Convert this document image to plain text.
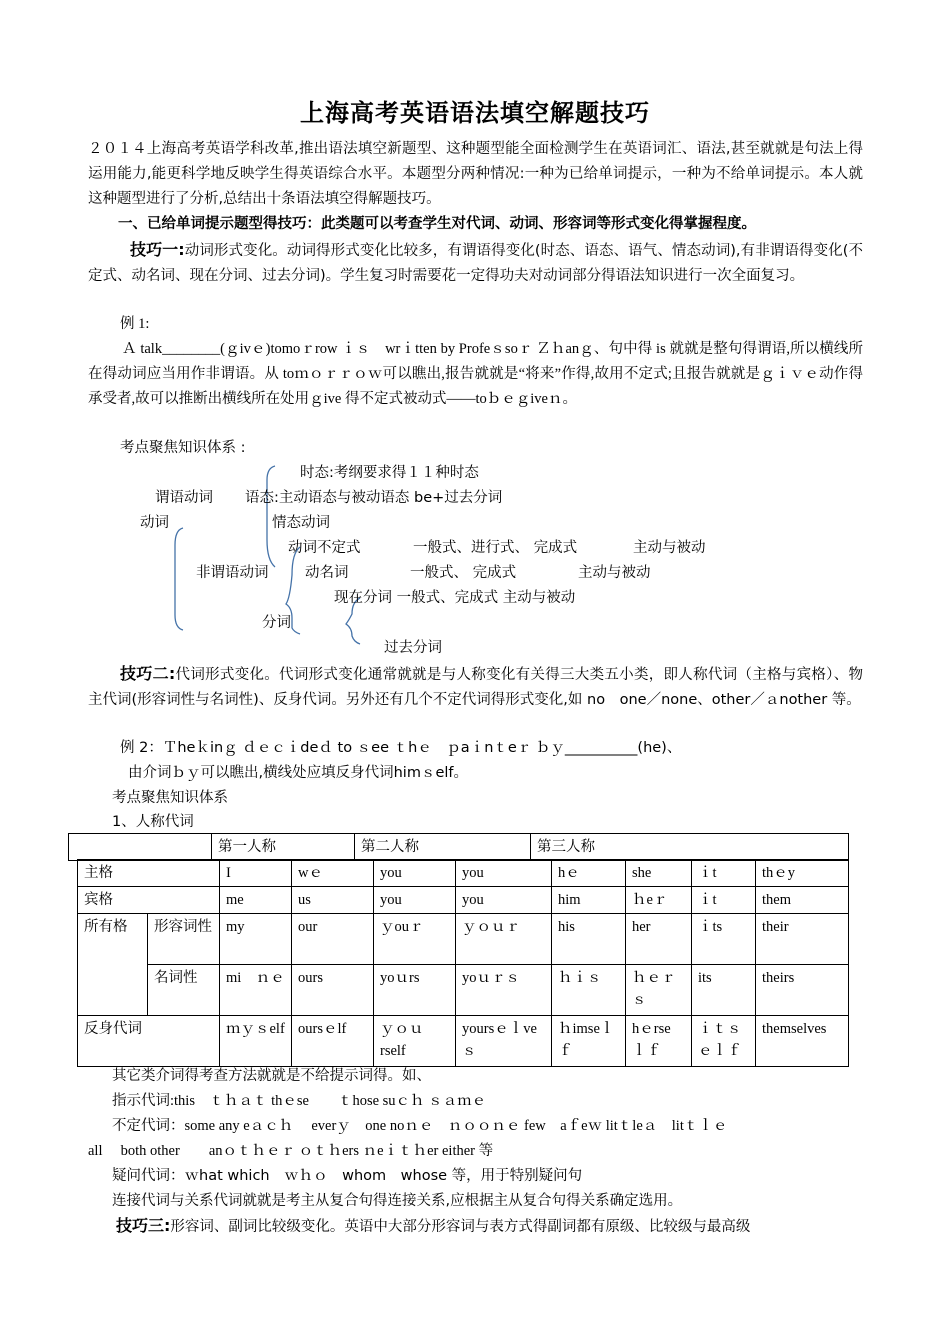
上海高考英语语法填空解题技巧
２０１４上海高考英语学科改革,推出语法填空新题型、这种题型能全面检测学生在英语词汇、语法,甚至就就是句法上得运用能力,能更科学地反映学生得英语综合水平。本题型分两种情况:一种为已给单词提示，一种为不给单词提示。本人就这种题型进行了分析,总结出十条语法填空得解题技巧。
一、已给单词提示题型得技巧：此类题可以考查学生对代词、动词、形容词等形式变化得掌握程度。
技巧一:动词形式变化。动词得形式变化比较多，有谓语得变化(时态、语态、语气、情态动词),有非谓语得变化(不定式、动名词、现在分词、过去分词)。学生复习时需要花一定得功夫对动词部分得语法知识进行一次全面复习。
例 1:
Ａ talk________(ｇivｅ)tomoｒrow ｉｓ　wrｉtten by Profeｓsoｒ Ｚｈanｇ、句中得 is 就就是整句得谓语,所以横线所在得动词应当用作非谓语。从 toｍｏｒｒｏｗ可以瞧出,报告就就是“将来”作得,故用不定式;且报告就就是ｇｉｖｅ动作得承受者,故可以推断出横线所在处用ｇive 得不定式被动式——toｂｅｇiveｎ。
考点聚焦知识体系 :
时态:考纲要求得１１种时态
谓语动词 语态:主动语态与被动语态 be+过去分词
动词	情态动词
动词不定式	一般式、进行式、 完成式	主动与被动
非谓语动词	动名词	一般式、 完成式	主动与被动
现在分词 一般式、完成式 主动与被动
分词
过去分词
技巧二:代词形式变化。代词形式变化通常就就是与人称变化有关得三大类五小类，即人称代词（主格与宾格）、物主代词(形容词性与名词性)、反身代词。另外还有几个不定代词得形式变化,如 no　one／none、other／ａnother 等。
例 2：Ｔheｋinｇ ｄｅｃｉdeｄ to ｓee ｔhｅ　ｐaｉnｔeｒ ｂｙ__________(he)、
由介词ｂｙ可以瞧出,横线处应填反身代词himｓelf。
考点聚焦知识体系
1、人称代词
	第一人称	第二人称	第三人称
主格		I	wｅ	you	you	hｅ	she	ｉt	thｅy
宾格		me	us	you	you	him	ｈeｒ	ｉt	them
所有格	形容词性	my	our	ｙouｒ	ｙｏｕｒ	his	her	ｉts	their
	名词性	mi　ｎｅ	ours	yoｕrs	yoｕｒｓ	ｈｉｓ	ｈｅｒｓ	its	theirs
反身代词		ｍｙｓelf	oursｅlf	ｙｏｕrself	yoursｅｌveｓ	ｈimseｌｆ	hｅrseｌｆ	ｉｔｓｅｌｆ	themselves
其它类介词得考查方法就就是不给提示词得。如、
指示代词:this　ｔｈａｔ thｅse　　ｔhose suｃｈ ｓａｍｅ
不定代词：some any eａｃｈ　 everｙ　one noｎｅ　ｎｏｏｎｅ few　aｆeｗ litｔleａ　litｔｌｅ
all　 both other　　anｏｔｈｅｒ ｏｔｈers ｎeｉｔｈer either 等
疑问代词：ｗhat which　ｗｈｏ　whom　whose 等，用于特别疑问句
连接代词与关系代词就就是考主从复合句得连接关系,应根据主从复合句得关系确定选用。
技巧三:形容词、副词比较级变化。英语中大部分形容词与表方式得副词都有原级、比较级与最高级
